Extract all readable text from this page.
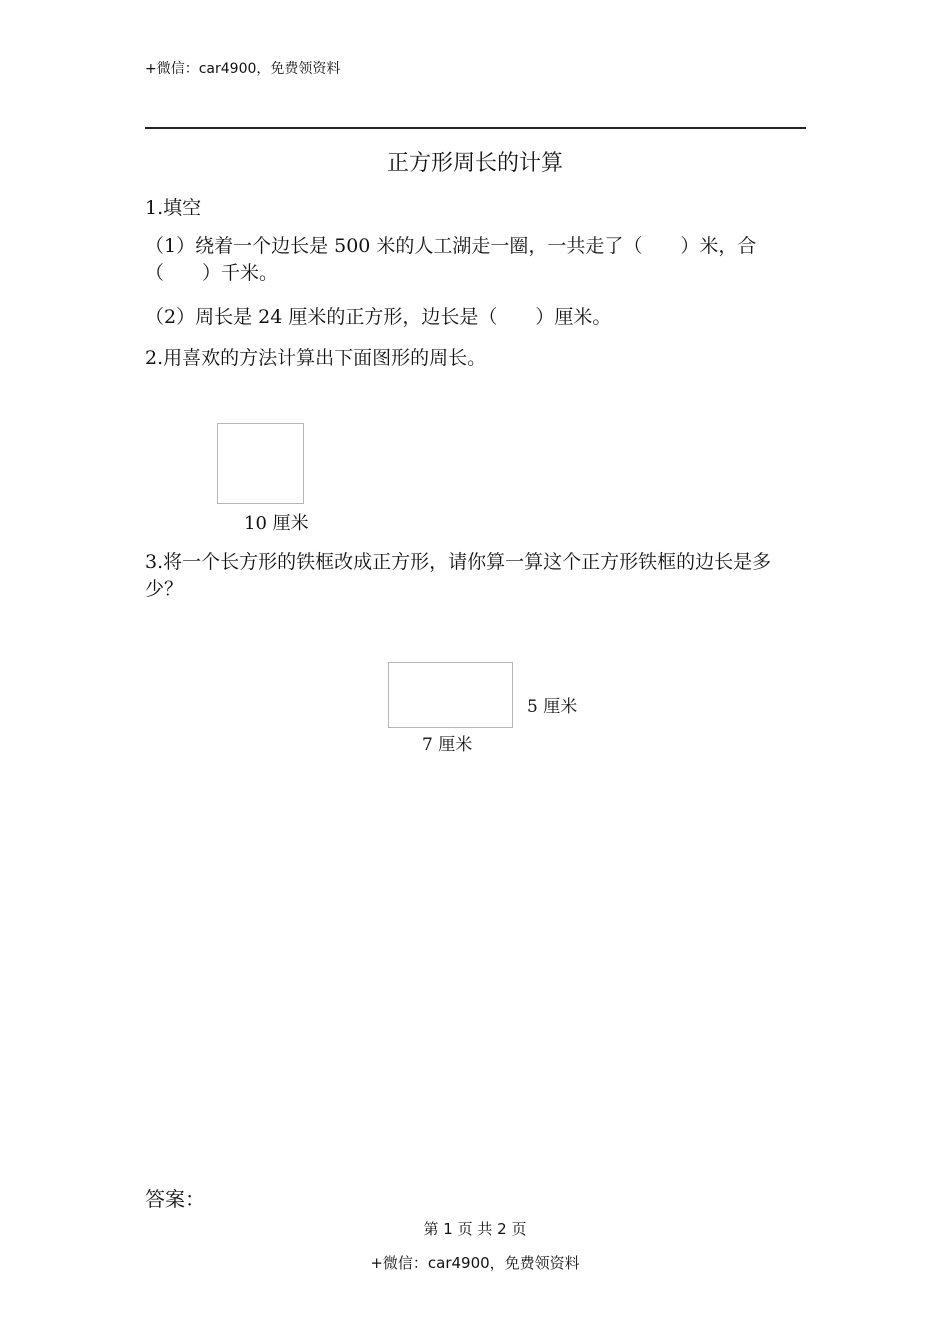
+微信：car4900，免费领资料
正方形周长的计算
1.填空
（1）绕着一个边长是 500 米的人工湖走一圈，一共走了（　　）米，合（　　）千米。
（2）周长是 24 厘米的正方形，边长是（　　）厘米。
2.用喜欢的方法计算出下面图形的周长。
10 厘米
3.将一个长方形的铁框改成正方形，请你算一算这个正方形铁框的边长是多少？
5 厘米
7 厘米
答案：
第 1 页 共 2 页
+微信：car4900，免费领资料
